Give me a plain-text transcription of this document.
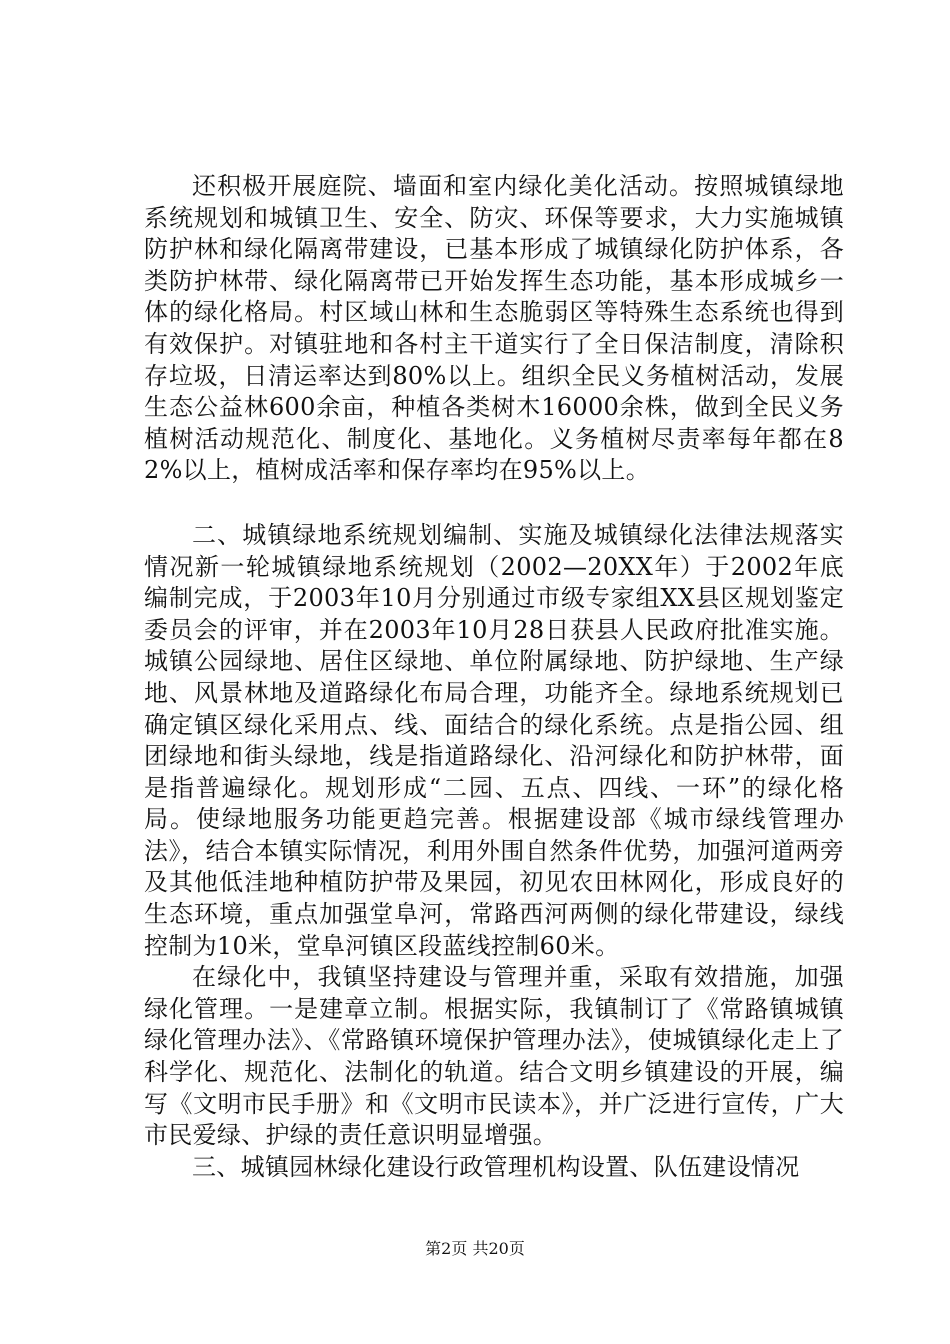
还积极开展庭院、墙面和室内绿化美化活动。按照城镇绿地系统规划和城镇卫生、安全、防灾、环保等要求，大力实施城镇防护林和绿化隔离带建设，已基本形成了城镇绿化防护体系，各类防护林带、绿化隔离带已开始发挥生态功能，基本形成城乡一体的绿化格局。村区域山林和生态脆弱区等特殊生态系统也得到有效保护。对镇驻地和各村主干道实行了全日保洁制度，清除积存垃圾，日清运率达到80%以上。组织全民义务植树活动，发展生态公益林600余亩，种植各类树木16000余株，做到全民义务植树活动规范化、制度化、基地化。义务植树尽责率每年都在82%以上，植树成活率和保存率均在95%以上。

二、城镇绿地系统规划编制、实施及城镇绿化法律法规落实情况新一轮城镇绿地系统规划（2002—20XX年）于2002年底编制完成，于2003年10月分别通过市级专家组XX县区规划鉴定委员会的评审，并在2003年10月28日获县人民政府批准实施。城镇公园绿地、居住区绿地、单位附属绿地、防护绿地、生产绿地、风景林地及道路绿化布局合理，功能齐全。绿地系统规划已确定镇区绿化采用点、线、面结合的绿化系统。点是指公园、组团绿地和街头绿地，线是指道路绿化、沿河绿化和防护林带，面是指普遍绿化。规划形成“二园、五点、四线、一环”的绿化格局。使绿地服务功能更趋完善。根据建设部《城市绿线管理办法》，结合本镇实际情况，利用外围自然条件优势，加强河道两旁及其他低洼地种植防护带及果园，初见农田林网化，形成良好的生态环境，重点加强堂阜河，常路西河两侧的绿化带建设，绿线控制为10米，堂阜河镇区段蓝线控制60米。

在绿化中，我镇坚持建设与管理并重，采取有效措施，加强绿化管理。一是建章立制。根据实际，我镇制订了《常路镇城镇绿化管理办法》、《常路镇环境保护管理办法》，使城镇绿化走上了科学化、规范化、法制化的轨道。结合文明乡镇建设的开展，编写《文明市民手册》和《文明市民读本》，并广泛进行宣传，广大市民爱绿、护绿的责任意识明显增强。

三、城镇园林绿化建设行政管理机构设置、队伍建设情况

第2页 共20页
